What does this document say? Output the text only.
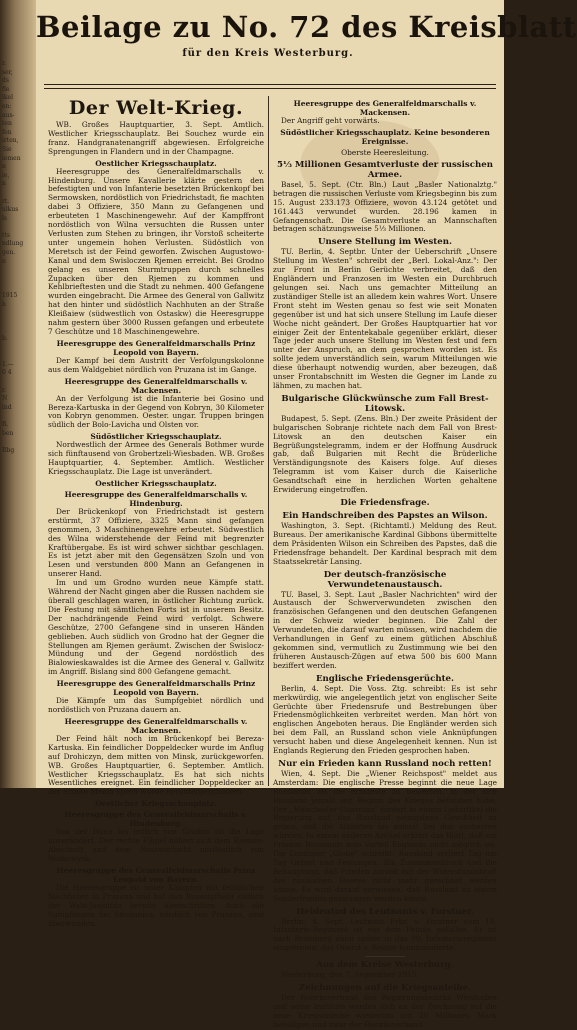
r.
ser,
ds
fle
ikel
en:
aus-
ten
fen
irten,
Sie
iemen
n
ie,
n

rt.
ulkus
ls

tts
ndlung
gen.
n

1915
h

b.

1.—
0 4

r.
N
ind

R.
ben

Rbg

Beilage zu No. 72 des Kreisblatt
für den Kreis Westerburg.
Der Welt-Krieg.
WB. Großes Hauptquartier, 3. Sept. Amtlich. Westlicher Kriegsschauplatz. Bei Souchez wurde ein franz. Handgranatenangriff abgewiesen. Erfolgreiche Sprengungen in Flandern und in der Champagne.
Oestlicher Kriegsschauplatz.
Heeresgruppe des Generalfeldmarschalls v. Hindenburg. Unsere Kavallerie klärte gestern den befestigten und von Infanterie besetzten Brückenkopf bei Sermowsken, nordöstlich von Friedrichstadt, fie machten dabei 3 Offiziere, 350 Mann zu Gefangenen und erbeuteten 1 Maschinengewehr. Auf der Kampffront nordöstlich von Wilna versuchten die Russen unter Verlusten zum Stehen zu bringen, ihr Vorstoß scheiterte unter ungemein hohen Verlusten. Südöstlich von Meretsch ist der Feind geworfen. Zwischen Augustowo-Kanal und dem Swisloczen Rjemen erreicht. Bei Grodno gelang es unseren Sturmtruppen durch schnelles Zupacken über den Rjemen zu kommen und Kehlbrieftesten und die Stadt zu nehmen. 400 Gefangene wurden eingebracht. Die Armee des General von Gallwitz hat den hinter und südöstlich Nachhuten an der Straße Kleißaiew (südwestlich von Ostaskw) die Heeresgruppe nahm gestern über 3000 Russen gefangen und erbeutete 7 Geschütze und 18 Maschinengewehre.
Heeresgruppe des Generalfeldmarschalls Prinz Leopold von Bayern.
Der Kampf bei dem Austritt der Verfolgungskolonne aus dem Waldgebiet nördlich von Pruzana ist im Gange.
Heeresgruppe des Generalfeldmarschalls v. Mackensen.
An der Verfolgung ist die Infanterie bei Gosino und Bereza-Kartuska in der Gegend von Kobryn, 30 Kilometer von Kobryn genommen. Oester. ungar. Truppen bringen südlich der Bolo-Lavicha und Olsten vor.
Südöstlicher Kriegsschauplatz.
Nordwestlich der Armee des Generals Bothmer wurde sich fünftausend von Grobertzeli-Wiesbaden. WB. Großes Hauptquartier, 4. September. Amtlich. Westlicher Kriegsschauplatz. Die Lage ist unverändert.
Oestlicher Kriegsschauplatz.
Heeresgruppe des Generalfeldmarschalls v. Hindenburg.
Der Brückenkopf von Friedrichstadt ist gestern erstürmt, 37 Offiziere, 3325 Mann sind gefangen genommen, 3 Maschinengewehre erbeutet. Südwestlich des Wilna widerstehende der Feind mit begrenzter Kraftübergabe. Es ist wird schwer sichtbar geschlagen. Es ist jetzt aber mit den Gegensätzen Szoln und von Lesen und verstunden 800 Mann an Gefangenen in unserer Hand.
Im und um Grodno wurden neue Kämpfe statt. Während der Nacht gingen aber die Russen nachdem sie überall geschlagen waren, in östlicher Richtung zurück. Die Festung mit sämtlichen Forts ist in unserem Besitz. Der nachdrängende Feind wird verfolgt. Schwere Geschütze, 2700 Gefangene sind in unseren Händen geblieben. Auch südlich von Grodno hat der Gegner die Stellungen am Rjemen geräumt. Zwischen der Swislocz-Mündung und der Gegend nordöstlich des Bialowieskawaldes ist die Armee des General v. Gallwitz im Angriff. Bislang sind 800 Gefangene gemacht.
Heeresgruppe des Generalfeldmarschalls Prinz Leopold von Bayern.
Die Kämpfe um das Sumpfgebiet nördlich und nordöstlich von Pruzana dauern an.
Heeresgruppe des Generalfeldmarschalls v. Mackensen.
Der Feind hält noch im Brückenkopf bei Bereza-Kartuska. Ein feindlicher Doppeldecker wurde im Anflug auf Drohiczyn, dem mitten von Minsk, zurückgeworfen. WB. Großes Hauptquartier, 6. September. Amtlich. Westlicher Kriegsschauplatz. Es hat sich nichts Wesentliches ereignet. Ein feindlicher Doppeldecker an der Straße Menin-Ypern wurde heruntergeschossen.
Oestlicher Kriegsschauplatz.
Heeresgruppe des Generalfeldmarschalls v. Hindenburg.
Von der Düna bis östlich von Grodno ist die Lage unverändert. Der rechte Flügel nähert sich dem Rjemen-Abschnitt und dem Nosswschicht nordöstlich von Wolkowysk.
Heeresgruppe des Generalfeldmarschalls Prinz Leopold von Bayern.
Die Heeresgruppe ist unter Kämpfen mit feindlichen Nachhuten in Pruzana und hat den Rossolpfhelit südlich der Wald-Jasjolfda bereits überschritten. Auch die Sumpfengen bei Smolanica, nördlich von Pruzana, sind überwunden.
Heeresgruppe des Generalfeldmarschalls v. Mackensen.
Der Angriff geht vorwärts.
Südöstlicher Kriegsschauplatz. Keine besonderen Ereignisse.
Oberste Heeresleitung.
5⅓ Millionen Gesamtverluste der russischen Armee.
Basel, 5. Sept. (Ctr. Bln.) Laut „Basler Nationalztg." betragen die russischen Verluste vom Kriegsbeginn bis zum 15. August 233.173 Offiziere, wovon 43.124 getötet und 161.443 verwundet wurden. 28.196 kamen in Gefangenschaft. Die Gesamtverluste an Mannschaften betragen schätzungsweise 5⅓ Millionen.
Unsere Stellung im Westen.
TU. Berlin, 4. Septbr. Unter der Ueberschrift „Unsere Stellung im Westen" schreibt der „Berl. Lokal-Anz.": Der zur Front in Berlin Gerüchte verbreitet, daß den Engländern und Franzosen im Westen ein Durchbruch gelungen sei. Nach uns gemachter Mitteilung an zuständiger Stelle ist an alledem kein wahres Wort. Unsere Front steht im Westen genau so fest wie seit Monaten gegenüber ist und hat sich unsere Stellung im Laufe dieser Woche nicht geändert. Der Großes Hauptquartier hat vor einiger Zeit der Ententekabale gegenüber erklärt, dieser Tage jeder auch unsere Stellung im Westen fest und fern unter der Anspruch, an dem gesprochen worden ist. Es sollte jedem unverständlich sein, warum Mitteilungen wie diese überhaupt notwendig wurden, aber bezeugen, daß unser Frontabschnitt im Westen die Gegner im Lande zu lähmen, zu machen hat.
Bulgarische Glückwünsche zum Fall Brest-Litowsk.
Budapest, 5. Sept. (Zens. Bln.) Der zweite Präsident der bulgarischen Sobranje richtete nach dem Fall von Brest-Litowsk an den deutschen Kaiser ein Begrüßungstelegramm, indem er der Hoffnung Ausdruck gab, daß Bulgarien mit Recht die Brüderliche Verständigungsnote des Kaisers folge. Auf dieses Telegramm ist vom Kaiser durch die Kaiserliche Gesandtschaft eine in herzlichen Worten gehaltene Erwiderung eingetroffen.
Die Friedensfrage.
Ein Handschreiben des Papstes an Wilson.
Washington, 3. Sept. (Richtamtl.) Meldung des Reut. Bureaus. Der amerikanische Kardinal Gibbons übermittelte dem Präsidenten Wilson ein Schreiben des Papstes, daß die Friedensfrage behandelt. Der Kardinal besprach mit dem Staatssekretär Lansing.
Der deutsch-französische Verwundetenaustausch.
TU. Basel, 3. Sept. Laut „Basler Nachrichten" wird der Austausch der Schwerverwundeten zwischen den französischen Gefangenen und den deutschen Gefangenen in der Schweiz wieder beginnen. Die Zahl der Verwundeten, die darauf warten müssen, wird nachdem die Verhandlungen in Genf zu einem gütlichen Abschluß gekommen sind, vermutlich zu Zustimmung wie bei den früheren Austausch-Zügen auf etwa 500 bis 600 Mann beziffert werden.
Englische Friedensgerüchte.
Berlin, 4. Sept. Die Voss. Ztg. schreibt: Es ist sehr merkwürdig, wie angelegentlich jetzt von englischer Seite Gerüchte über Friedensrufe und Bestrebungen über Friedensmöglichkeiten verbreitet werden. Man hört von englischen Angeboten heraus. Die Engländer werden sich bei dem Fall, an Russland schon viele Anknüpfungen versucht haben und diese Angelegenheit kennen. Nun ist Englands Regierung den Frieden gesprochen haben.
Nur ein Frieden kann Russland noch retten!
Wien, 4. Sept. Die „Wiener Reichspost" meldet aus Amsterdam: Die englische Presse beginnt die neue Lage Russlands als die ernsteste zu bewerten, in der sich Russland jemals seit Beginn des Krieges befunden habe. Der „Manchester Guardian" fordert in einem Leitartikel die Regierung auf, das Russland wenigstens Gewißheit zu geben, daß die Alliierten bis zuletzt bei ihm ausharren würden. In einem anderen Artikel erklärt das Blatt, daß ein Frieden Russlands zum Vorteil Englands nicht möglich sei. Die Londoner „Globe" schreibt: Russland verliert Tag um Tag Gebiet und Festungen. Ein Zusammenbruch und die Behauptung, daß Frieden zurzeit mit der Widerstandskraft des russischen Heeres nicht mehr gerechnet werden könne. Es wird darauf verwiesen, daß Russland zu einem Sonderfrieden gezwungen werden könne.
Heldentod des Leutnants v. Forstner.
Berlin, 4. Sept. Leutnant Frhr. v. Forstner vom 14. Infanterie-Regiment ist vor dem Feinde gefallen. Er ist nach Bromberg dann später in das 99. Infanterieregiment eingetreten, das Oberst v. Reuter kommandierte.
Aus dem Kreise Westerburg.
Westerburg, den 7. September 1915.
Zeichnungen auf die Kriegsanleihe.
Der Bezirksverband des Regierungsbezirks Wiesbaden und seine Institute werden sich an der Zeichnung auf die neue Kriegsanleihe wiederum mit 20 Millionen Mark beteiligen und zwar der Bezirksverband
